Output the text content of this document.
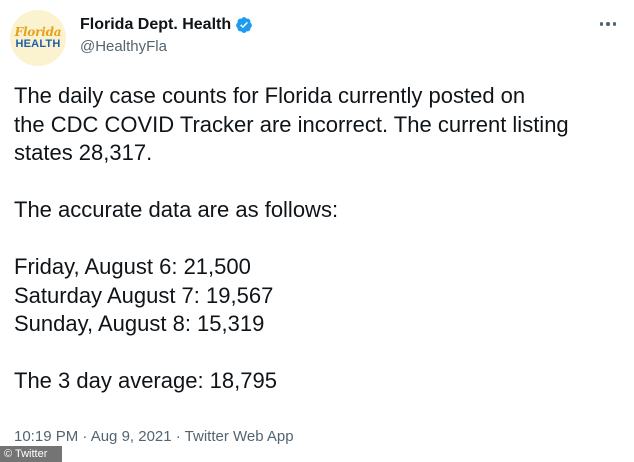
Florida
HEALTH
Florida Dept. Health
@HealthyFla
The daily case counts for Florida currently posted on
the CDC COVID Tracker are incorrect. The current listing
states 28,317.

The accurate data are as follows:

Friday, August 6: 21,500
Saturday August 7: 19,567
Sunday, August 8: 15,319

The 3 day average: 18,795
10:19 PM · Aug 9, 2021 · Twitter Web App
© Twitter
